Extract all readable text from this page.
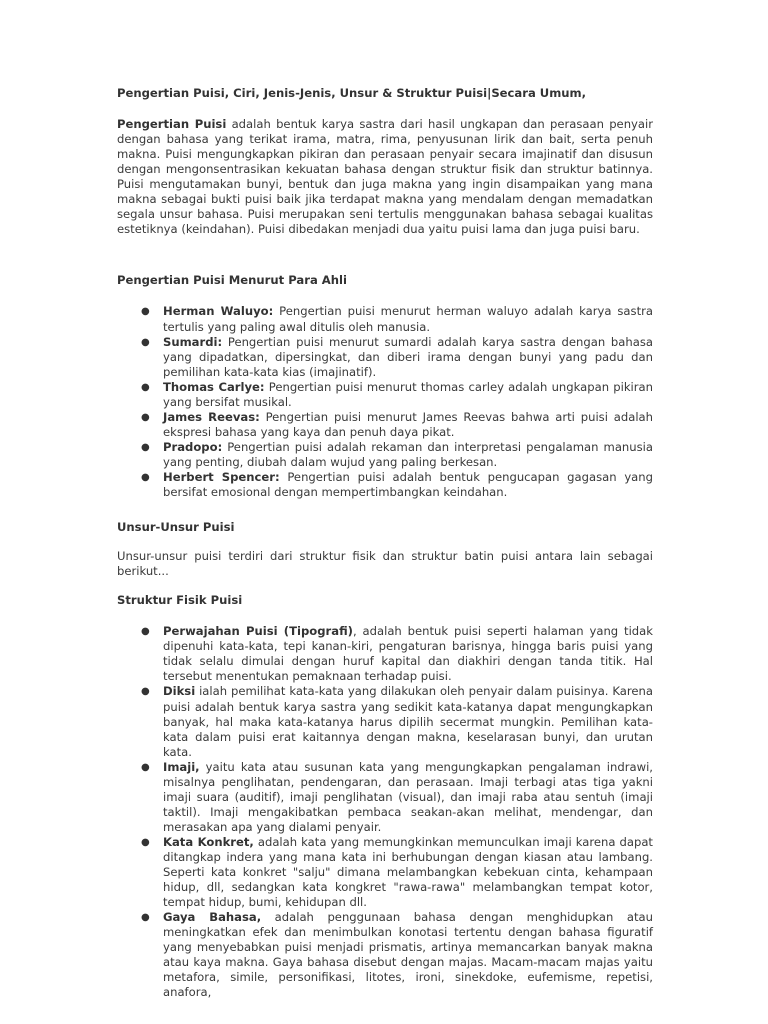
Pengertian Puisi, Ciri, Jenis-Jenis, Unsur & Struktur Puisi|Secara Umum,

Pengertian Puisi adalah bentuk karya sastra dari hasil ungkapan dan perasaan penyair dengan bahasa yang terikat irama, matra, rima, penyusunan lirik dan bait, serta penuh makna. Puisi mengungkapkan pikiran dan perasaan penyair secara imajinatif dan disusun dengan mengonsentrasikan kekuatan bahasa dengan struktur fisik dan struktur batinnya. Puisi mengutamakan bunyi, bentuk dan juga makna yang ingin disampaikan yang mana makna sebagai bukti puisi baik jika terdapat makna yang mendalam dengan memadatkan segala unsur bahasa. Puisi merupakan seni tertulis menggunakan bahasa sebagai kualitas estetiknya (keindahan). Puisi dibedakan menjadi dua yaitu puisi lama dan juga puisi baru.

Pengertian Puisi Menurut Para Ahli
● Herman Waluyo: Pengertian puisi menurut herman waluyo adalah karya sastra tertulis yang paling awal ditulis oleh manusia.
● Sumardi: Pengertian puisi menurut sumardi adalah karya sastra dengan bahasa yang dipadatkan, dipersingkat, dan diberi irama dengan bunyi yang padu dan pemilihan kata-kata kias (imajinatif).
● Thomas Carlye: Pengertian puisi menurut thomas carley adalah ungkapan pikiran yang bersifat musikal.
● James Reevas: Pengertian puisi menurut James Reevas bahwa arti puisi adalah ekspresi bahasa yang kaya dan penuh daya pikat.
● Pradopo: Pengertian puisi adalah rekaman dan interpretasi pengalaman manusia yang penting, diubah dalam wujud yang paling berkesan.
● Herbert Spencer: Pengertian puisi adalah bentuk pengucapan gagasan yang bersifat emosional dengan mempertimbangkan keindahan.
Unsur-Unsur Puisi

Unsur-unsur puisi terdiri dari struktur fisik dan struktur batin puisi antara lain sebagai berikut...

Struktur Fisik Puisi
● Perwajahan Puisi (Tipografi), adalah bentuk puisi seperti halaman yang tidak dipenuhi kata-kata, tepi kanan-kiri, pengaturan barisnya, hingga baris puisi yang tidak selalu dimulai dengan huruf kapital dan diakhiri dengan tanda titik. Hal tersebut menentukan pemaknaan terhadap puisi.
● Diksi ialah pemilihat kata-kata yang dilakukan oleh penyair dalam puisinya. Karena puisi adalah bentuk karya sastra yang sedikit kata-katanya dapat mengungkapkan banyak, hal maka kata-katanya harus dipilih secermat mungkin. Pemilihan kata-kata dalam puisi erat kaitannya dengan makna, keselarasan bunyi, dan urutan kata.
● Imaji, yaitu kata atau susunan kata yang mengungkapkan pengalaman indrawi, misalnya penglihatan, pendengaran, dan perasaan. Imaji terbagi atas tiga yakni imaji suara (auditif), imaji penglihatan (visual), dan imaji raba atau sentuh (imaji taktil). Imaji mengakibatkan pembaca seakan-akan melihat, mendengar, dan merasakan apa yang dialami penyair.
● Kata Konkret, adalah kata yang memungkinkan memunculkan imaji karena dapat ditangkap indera yang mana kata ini berhubungan dengan kiasan atau lambang. Seperti kata konkret "salju" dimana melambangkan kebekuan cinta, kehampaan hidup, dll, sedangkan kata kongkret "rawa-rawa" melambangkan tempat kotor, tempat hidup, bumi, kehidupan dll.
● Gaya Bahasa, adalah penggunaan bahasa dengan menghidupkan atau meningkatkan efek dan menimbulkan konotasi tertentu dengan bahasa figuratif yang menyebabkan puisi menjadi prismatis, artinya memancarkan banyak makna atau kaya makna. Gaya bahasa disebut dengan majas. Macam-macam majas yaitu metafora, simile, personifikasi, litotes, ironi, sinekdoke, eufemisme, repetisi, anafora,
